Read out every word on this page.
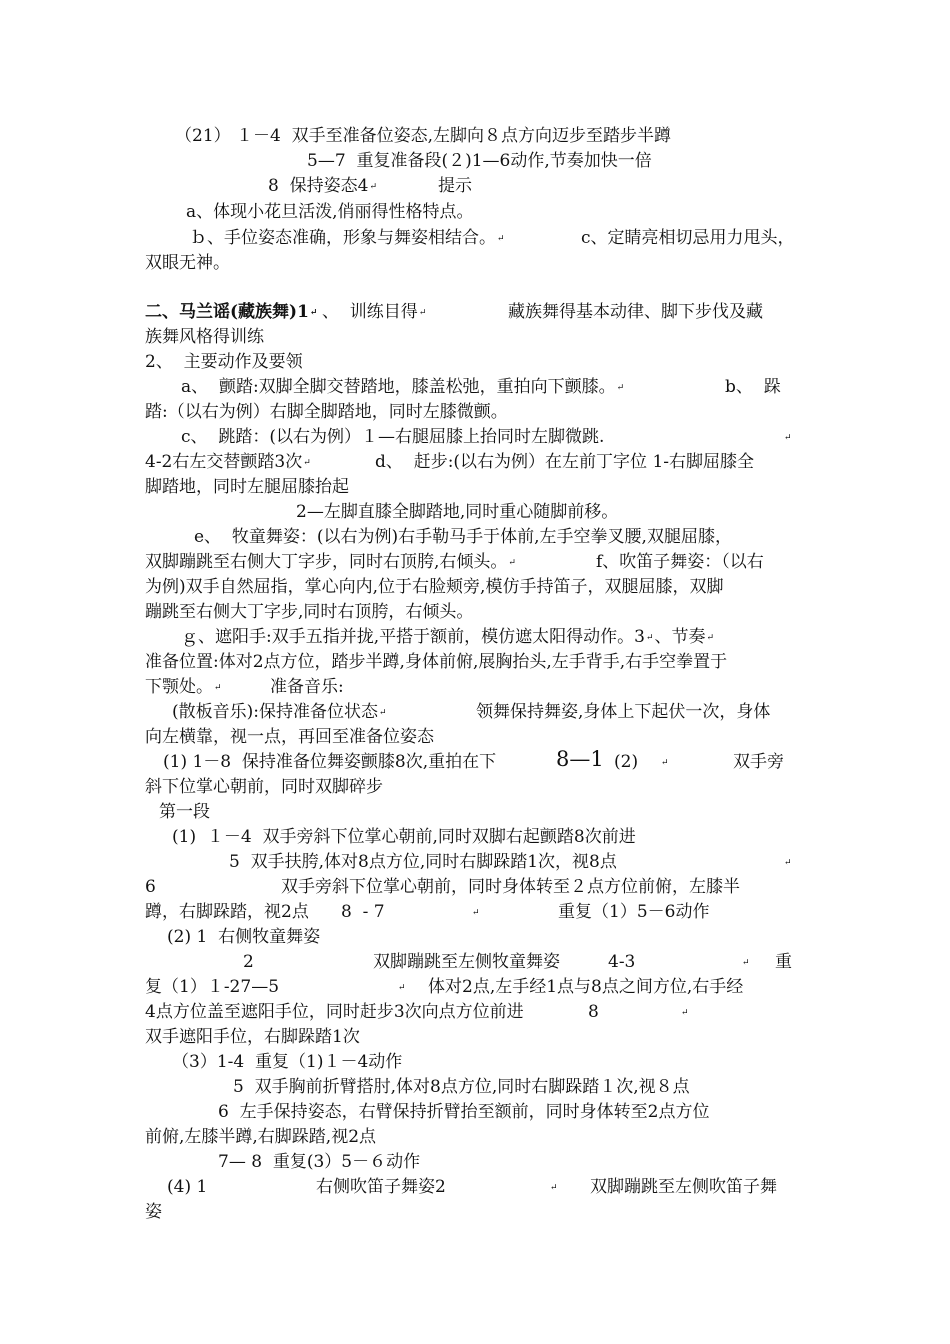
（21） １－4  双手至准备位姿态,左脚向８点方向迈步至踏步半蹲
5—7  重复准备段(２)1—6动作,节奏加快一倍
8  保持姿态4↵	提示
a、体现小花旦活泼,俏丽得性格特点。
ｂ、手位姿态准确，形象与舞姿相结合。↵	c、定睛亮相切忌用力甩头，
双眼无神。
二、马兰谣(藏族舞)1↵ 、  训练目得↵	藏族舞得基本动律、脚下步伐及藏
族舞风格得训练
2、  主要动作及要领
a、  颤踏:双脚全脚交替踏地，膝盖松弛，重拍向下颤膝。↵	b、  跺
踏:（以右为例）右脚全脚踏地，同时左膝微颤。
c、  跳踏：(以右为例）１—右腿屈膝上抬同时左脚微跳.	↵
4-2右左交替颤踏3次↵	d、  赶步:(以右为例）在左前丁字位 1-右脚屈膝全
脚踏地，同时左腿屈膝抬起
2—左脚直膝全脚踏地,同时重心随脚前移。
e、  牧童舞姿：(以右为例)右手勒马手于体前,左手空拳叉腰,双腿屈膝，
双脚蹦跳至右侧大丁字步，同时右顶胯,右倾头。↵	f、吹笛子舞姿：（以右
为例)双手自然屈指，掌心向内,位于右脸颊旁,模仿手持笛子，双腿屈膝，双脚
蹦跳至右侧大丁字步,同时右顶胯，右倾头。
ｇ、遮阳手:双手五指并拢,平搭于额前，模仿遮太阳得动作。3↵、节奏↵
准备位置:体对2点方位，踏步半蹲,身体前俯,展胸抬头,左手背手,右手空拳置于
下颚处。↵	准备音乐:
(散板音乐):保持准备位状态↵	领舞保持舞姿,身体上下起伏一次，身体
向左横靠，视一点，再回至准备位姿态
(1) 1－8  保持准备位舞姿颤膝8次,重拍在下	8—1 (2)	↵	双手旁
斜下位掌心朝前，同时双脚碎步
第一段
(1)  １－4  双手旁斜下位掌心朝前,同时双脚右起颤踏8次前进
5  双手扶胯,体对8点方位,同时右脚跺踏1次，视8点	↵
6	双手旁斜下位掌心朝前，同时身体转至２点方位前俯，左膝半
蹲，右脚跺踏，视2点 8  - 7	↵	重复（1）5－6动作
(2) 1  右侧牧童舞姿
2	双脚蹦跳至左侧牧童舞姿	4-3	↵ 重
复（1）１-27—5	↵ 体对2点,左手经1点与8点之间方位,右手经
4点方位盖至遮阳手位，同时赶步3次向点方位前进	8	↵
双手遮阳手位，右脚跺踏1次
（3）1-4  重复（1)１－4动作
5  双手胸前折臂搭肘,体对8点方位,同时右脚跺踏１次,视８点
6  左手保持姿态，右臂保持折臂抬至额前，同时身体转至2点方位
前俯,左膝半蹲,右脚跺踏,视2点
7— 8  重复(3）5－６动作
(4) 1	右侧吹笛子舞姿2	↵ 双脚蹦跳至左侧吹笛子舞
姿
